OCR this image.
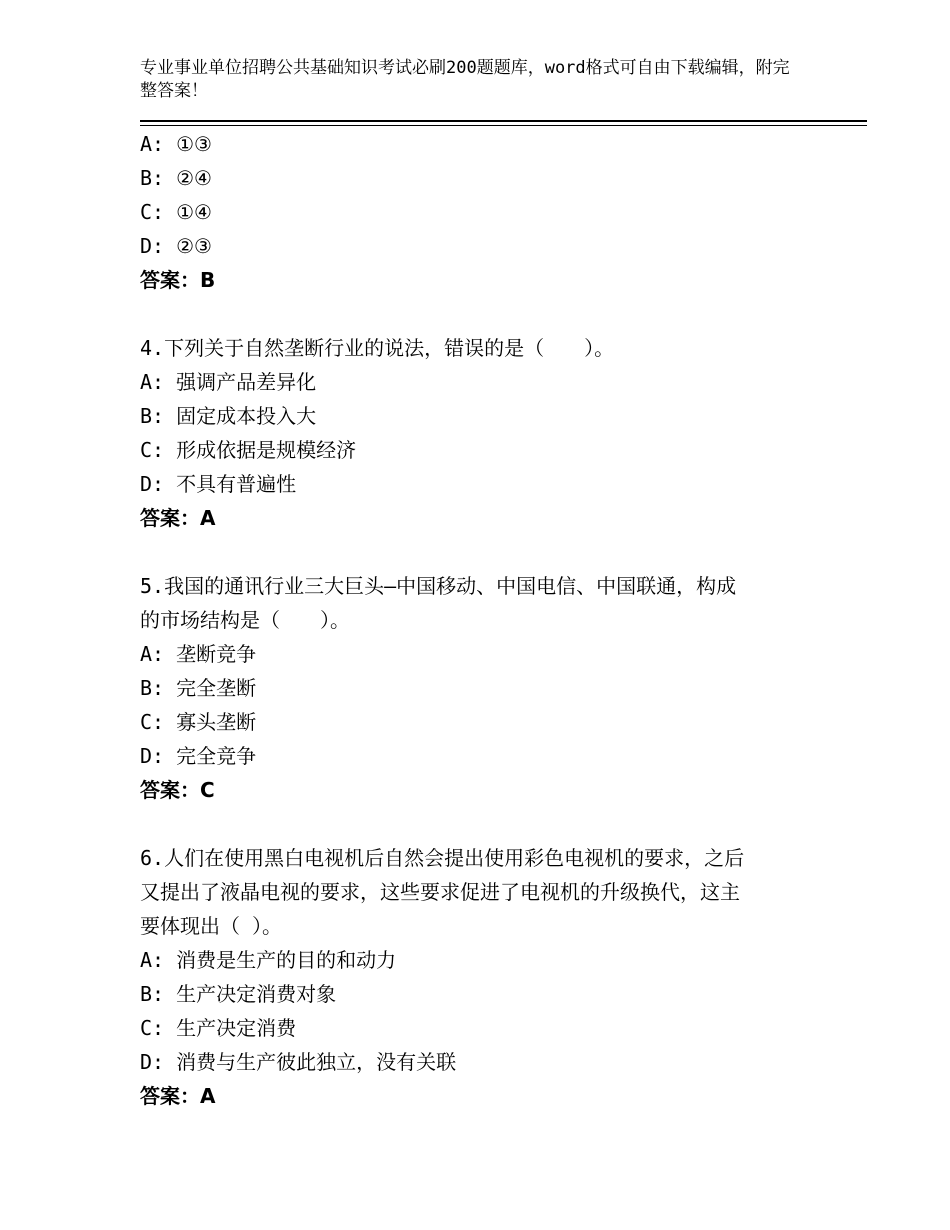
专业事业单位招聘公共基础知识考试必刷200题题库，word格式可自由下载编辑，附完整答案！
A: ①③
B: ②④
C: ①④
D: ②③
答案：B
4.下列关于自然垄断行业的说法，错误的是（　　）。
A: 强调产品差异化
B: 固定成本投入大
C: 形成依据是规模经济
D: 不具有普遍性
答案：A
5.我国的通讯行业三大巨头—中国移动、中国电信、中国联通，构成
的市场结构是（　　）。
A: 垄断竞争
B: 完全垄断
C: 寡头垄断
D: 完全竞争
答案：C
6.人们在使用黑白电视机后自然会提出使用彩色电视机的要求，之后
又提出了液晶电视的要求，这些要求促进了电视机的升级换代，这主
要体现出（ ）。
A: 消费是生产的目的和动力
B: 生产决定消费对象
C: 生产决定消费
D: 消费与生产彼此独立，没有关联
答案：A
